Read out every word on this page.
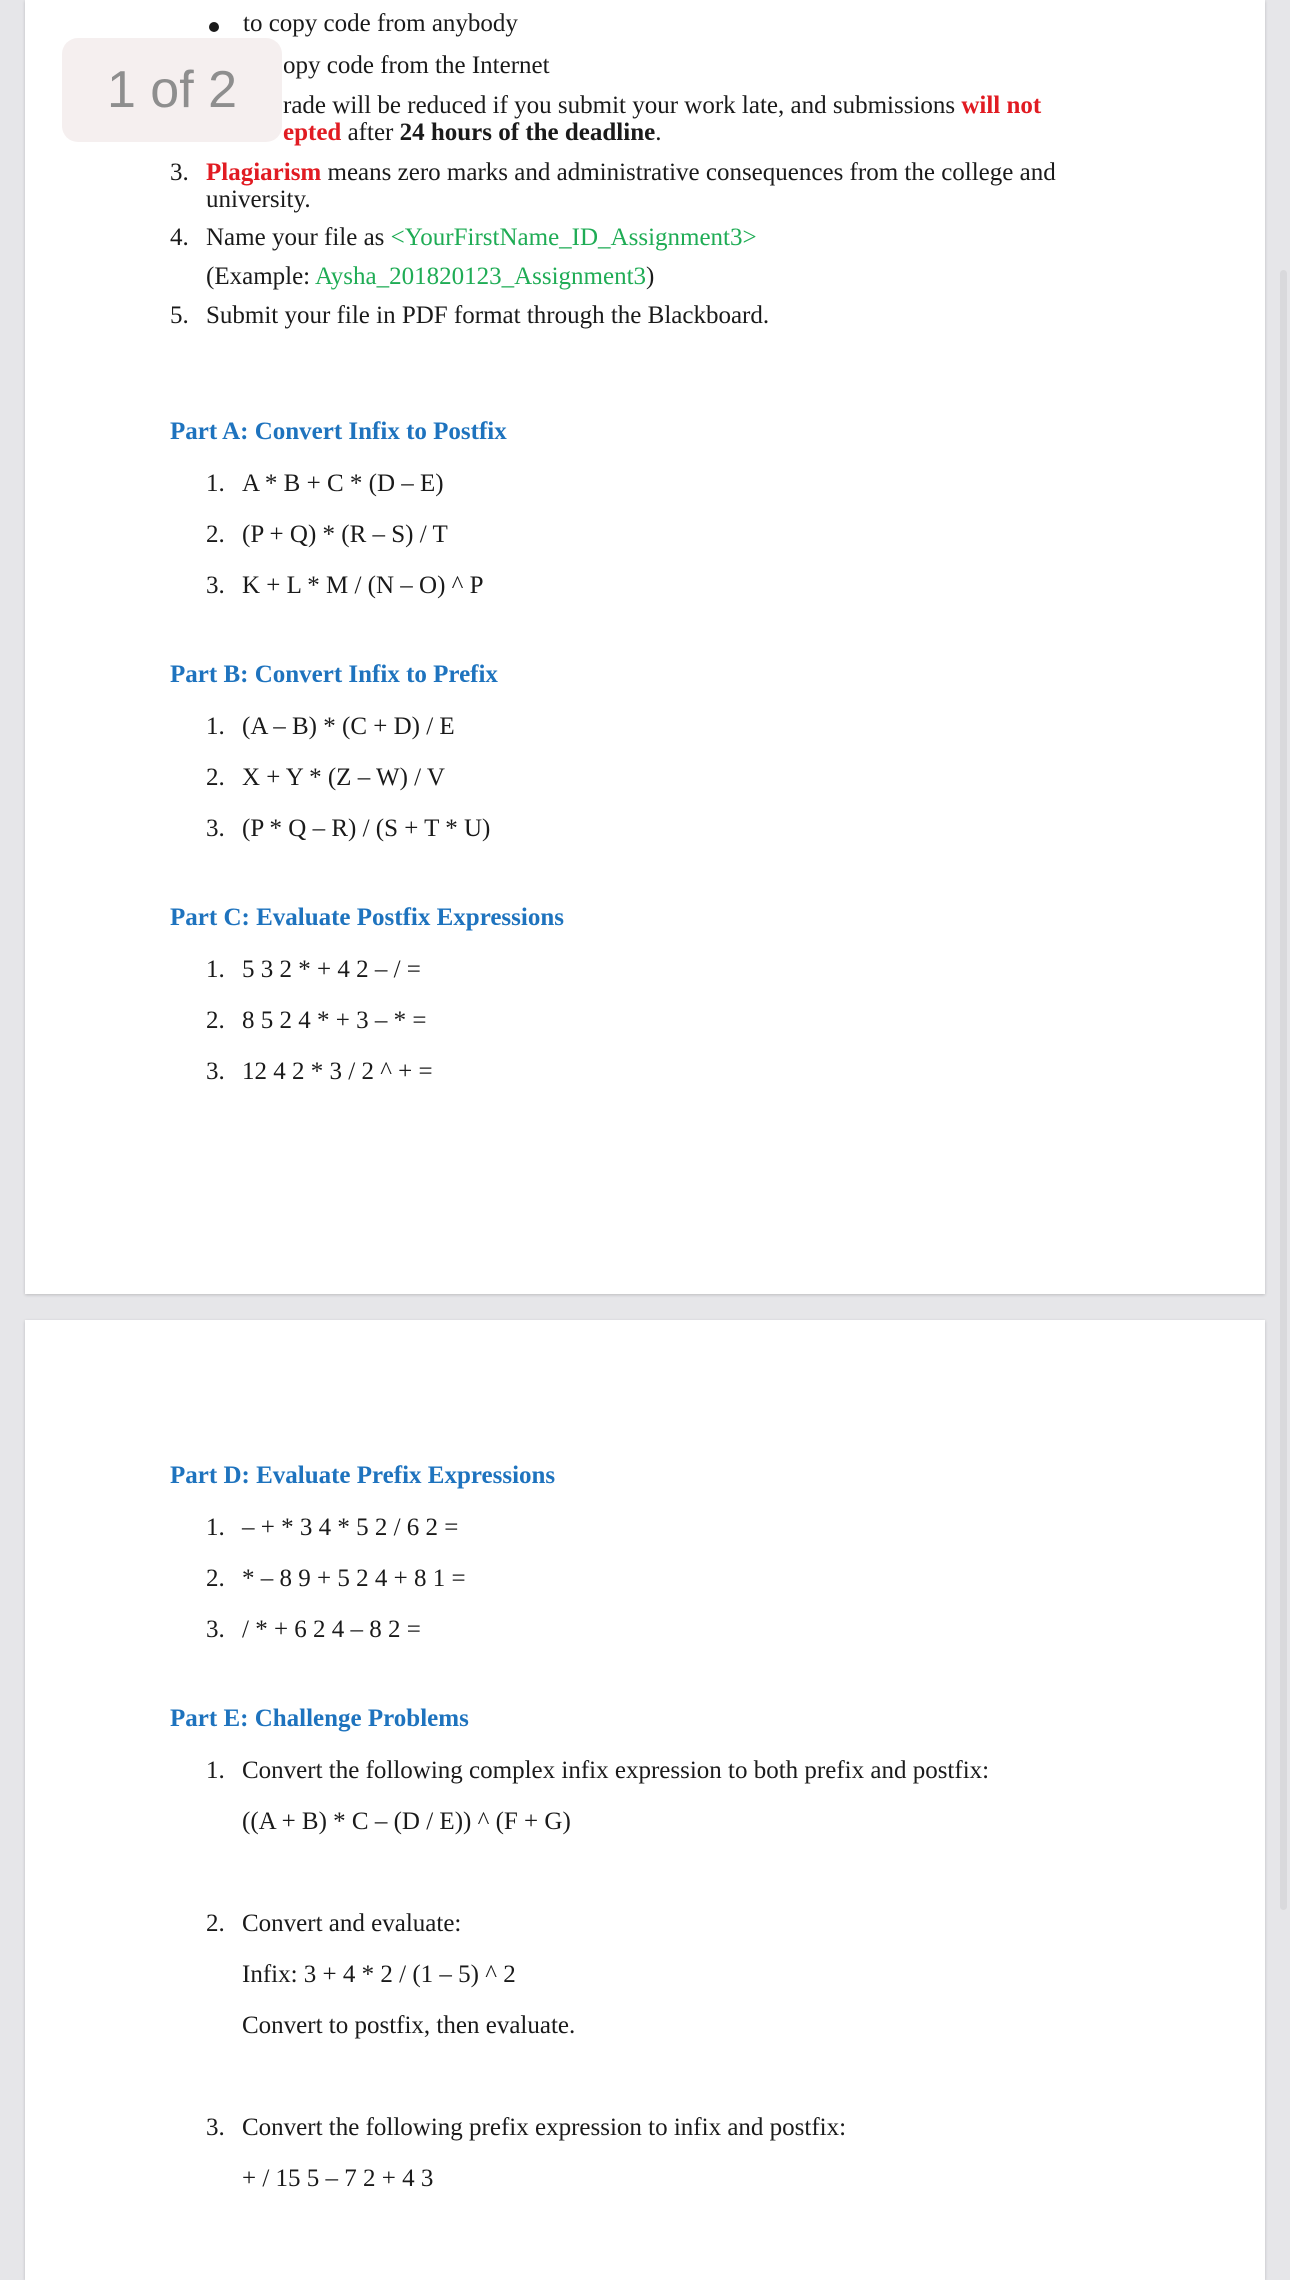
to copy code from anybody
opy code from the Internet
rade will be reduced if you submit your work late, and submissions will not
epted after 24 hours of the deadline.
3. Plagiarism means zero marks and administrative consequences from the college and
university.
4. Name your file as <YourFirstName_ID_Assignment3>
(Example: Aysha_201820123_Assignment3)
5. Submit your file in PDF format through the Blackboard.
Part A: Convert Infix to Postfix
1. A * B + C * (D – E)
2. (P + Q) * (R – S) / T
3. K + L * M / (N – O) ^ P
Part B: Convert Infix to Prefix
1. (A – B) * (C + D) / E
2. X + Y * (Z – W) / V
3. (P * Q – R) / (S + T * U)
Part C: Evaluate Postfix Expressions
1. 5 3 2 * + 4 2 – / =
2. 8 5 2 4 * + 3 – * =
3. 12 4 2 * 3 / 2 ^ + =
Part D: Evaluate Prefix Expressions
1. – + * 3 4 * 5 2 / 6 2 =
2. * – 8 9 + 5 2 4 + 8 1 =
3. / * + 6 2 4 – 8 2 =
Part E: Challenge Problems
1. Convert the following complex infix expression to both prefix and postfix:
((A + B) * C – (D / E)) ^ (F + G)
2. Convert and evaluate:
Infix: 3 + 4 * 2 / (1 – 5) ^ 2
Convert to postfix, then evaluate.
3. Convert the following prefix expression to infix and postfix:
+ / 15 5 – 7 2 + 4 3
1 of 2
